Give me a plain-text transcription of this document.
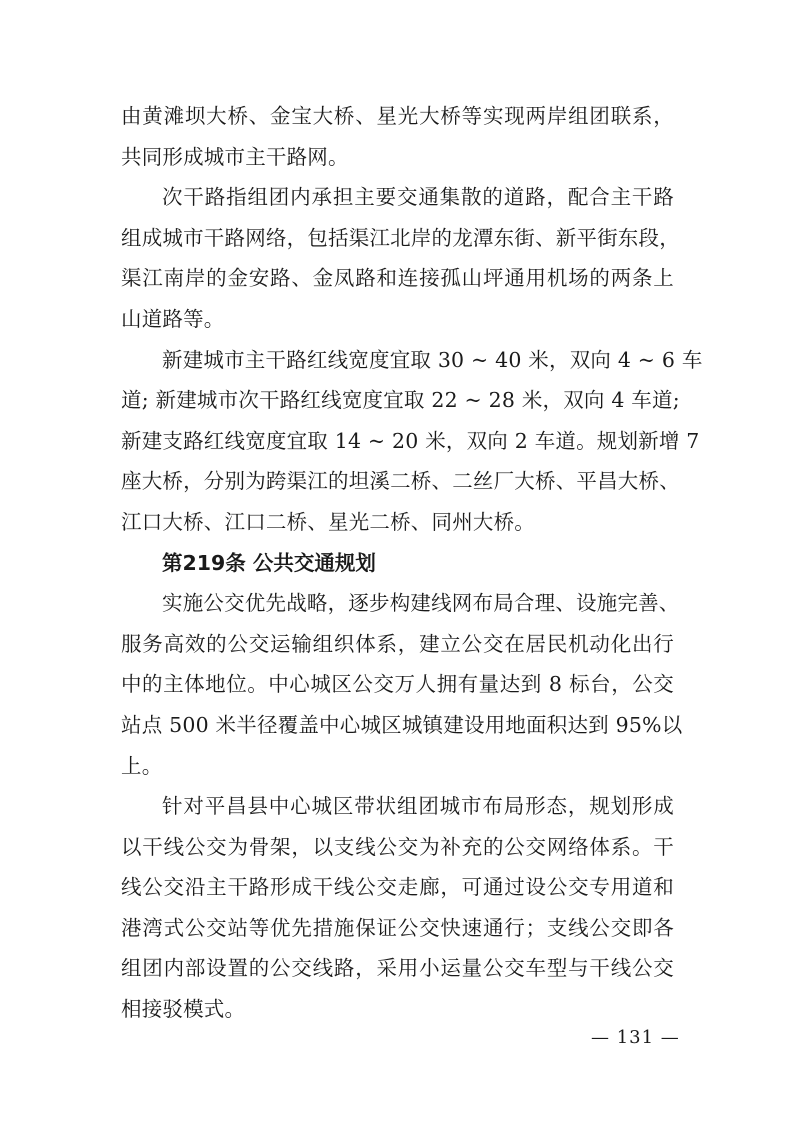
由黄滩坝大桥、金宝大桥、星光大桥等实现两岸组团联系，
共同形成城市主干路网。
次干路指组团内承担主要交通集散的道路，配合主干路
组成城市干路网络，包括渠江北岸的龙潭东街、新平街东段，
渠江南岸的金安路、金凤路和连接孤山坪通用机场的两条上
山道路等。
新建城市主干路红线宽度宜取 30 ~ 40 米，双向 4 ~ 6 车
道; 新建城市次干路红线宽度宜取 22 ~ 28 米，双向 4 车道;
新建支路红线宽度宜取 14 ~ 20 米，双向 2 车道。规划新增 7
座大桥，分别为跨渠江的坦溪二桥、二丝厂大桥、平昌大桥、
江口大桥、江口二桥、星光二桥、同州大桥。
第219条 公共交通规划
实施公交优先战略，逐步构建线网布局合理、设施完善、
服务高效的公交运输组织体系，建立公交在居民机动化出行
中的主体地位。中心城区公交万人拥有量达到 8 标台，公交
站点 500 米半径覆盖中心城区城镇建设用地面积达到 95%以
上。
针对平昌县中心城区带状组团城市布局形态，规划形成
以干线公交为骨架，以支线公交为补充的公交网络体系。干
线公交沿主干路形成干线公交走廊，可通过设公交专用道和
港湾式公交站等优先措施保证公交快速通行；支线公交即各
组团内部设置的公交线路，采用小运量公交车型与干线公交
相接驳模式。
— 131 —
